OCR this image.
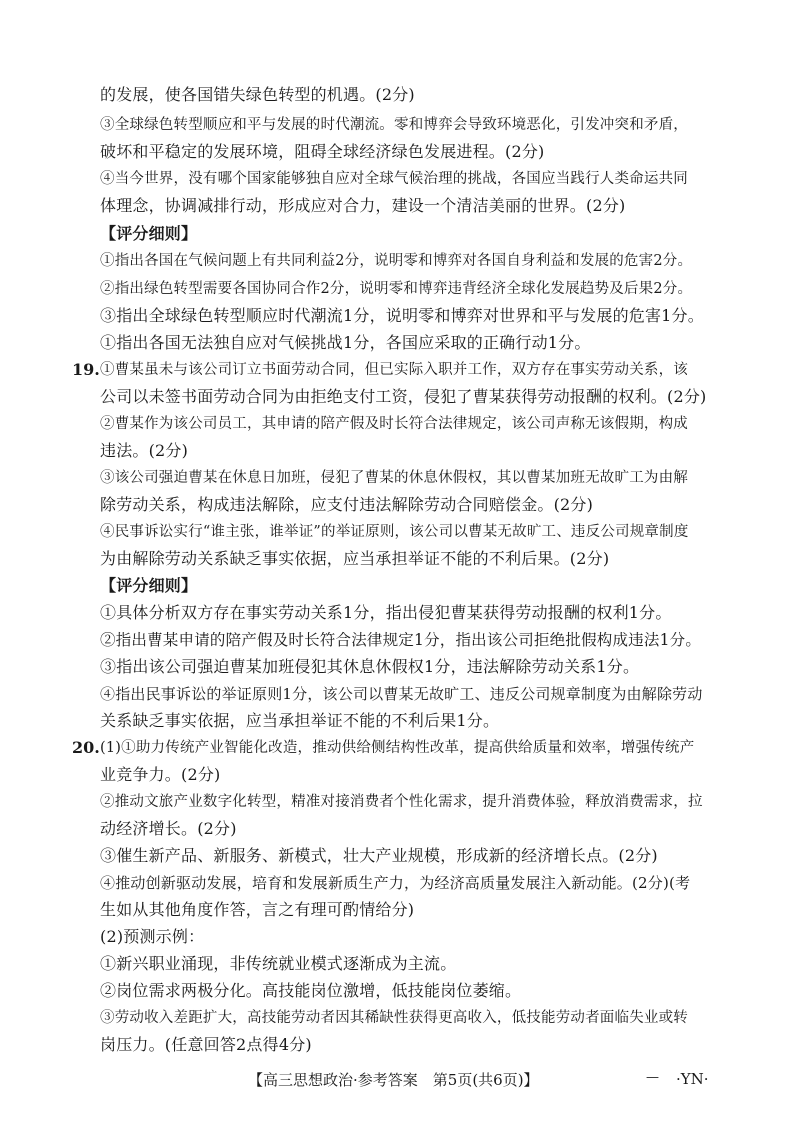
的发展，使各国错失绿色转型的机遇。(2分)
③全球绿色转型顺应和平与发展的时代潮流。零和博弈会导致环境恶化，引发冲突和矛盾，
破坏和平稳定的发展环境，阻碍全球经济绿色发展进程。(2分)
④当今世界，没有哪个国家能够独自应对全球气候治理的挑战，各国应当践行人类命运共同
体理念，协调减排行动，形成应对合力，建设一个清洁美丽的世界。(2分)
【评分细则】
①指出各国在气候问题上有共同利益2分，说明零和博弈对各国自身利益和发展的危害2分。
②指出绿色转型需要各国协同合作2分，说明零和博弈违背经济全球化发展趋势及后果2分。
③指出全球绿色转型顺应时代潮流1分，说明零和博弈对世界和平与发展的危害1分。
①指出各国无法独自应对气候挑战1分，各国应采取的正确行动1分。
19. ①曹某虽未与该公司订立书面劳动合同，但已实际入职并工作，双方存在事实劳动关系，该
公司以未签书面劳动合同为由拒绝支付工资，侵犯了曹某获得劳动报酬的权利。(2分)
②曹某作为该公司员工，其申请的陪产假及时长符合法律规定，该公司声称无该假期，构成
违法。(2分)
③该公司强迫曹某在休息日加班，侵犯了曹某的休息休假权，其以曹某加班无故旷工为由解
除劳动关系，构成违法解除，应支付违法解除劳动合同赔偿金。(2分)
④民事诉讼实行“谁主张，谁举证”的举证原则，该公司以曹某无故旷工、违反公司规章制度
为由解除劳动关系缺乏事实依据，应当承担举证不能的不利后果。(2分)
【评分细则】
①具体分析双方存在事实劳动关系1分，指出侵犯曹某获得劳动报酬的权利1分。
②指出曹某申请的陪产假及时长符合法律规定1分，指出该公司拒绝批假构成违法1分。
③指出该公司强迫曹某加班侵犯其休息休假权1分，违法解除劳动关系1分。
④指出民事诉讼的举证原则1分，该公司以曹某无故旷工、违反公司规章制度为由解除劳动
关系缺乏事实依据，应当承担举证不能的不利后果1分。
20. (1)①助力传统产业智能化改造，推动供给侧结构性改革，提高供给质量和效率，增强传统产
业竞争力。(2分)
②推动文旅产业数字化转型，精准对接消费者个性化需求，提升消费体验，释放消费需求，拉
动经济增长。(2分)
③催生新产品、新服务、新模式，壮大产业规模，形成新的经济增长点。(2分)
④推动创新驱动发展，培育和发展新质生产力，为经济高质量发展注入新动能。(2分)(考
生如从其他角度作答，言之有理可酌情给分)
(2)预测示例：
①新兴职业涌现，非传统就业模式逐渐成为主流。
②岗位需求两极分化。高技能岗位激增，低技能岗位萎缩。
③劳动收入差距扩大，高技能劳动者因其稀缺性获得更高收入，低技能劳动者面临失业或转
岗压力。(任意回答2点得4分)
【高三思想政治·参考答案　第5页(共6页)】	— ·YN·
